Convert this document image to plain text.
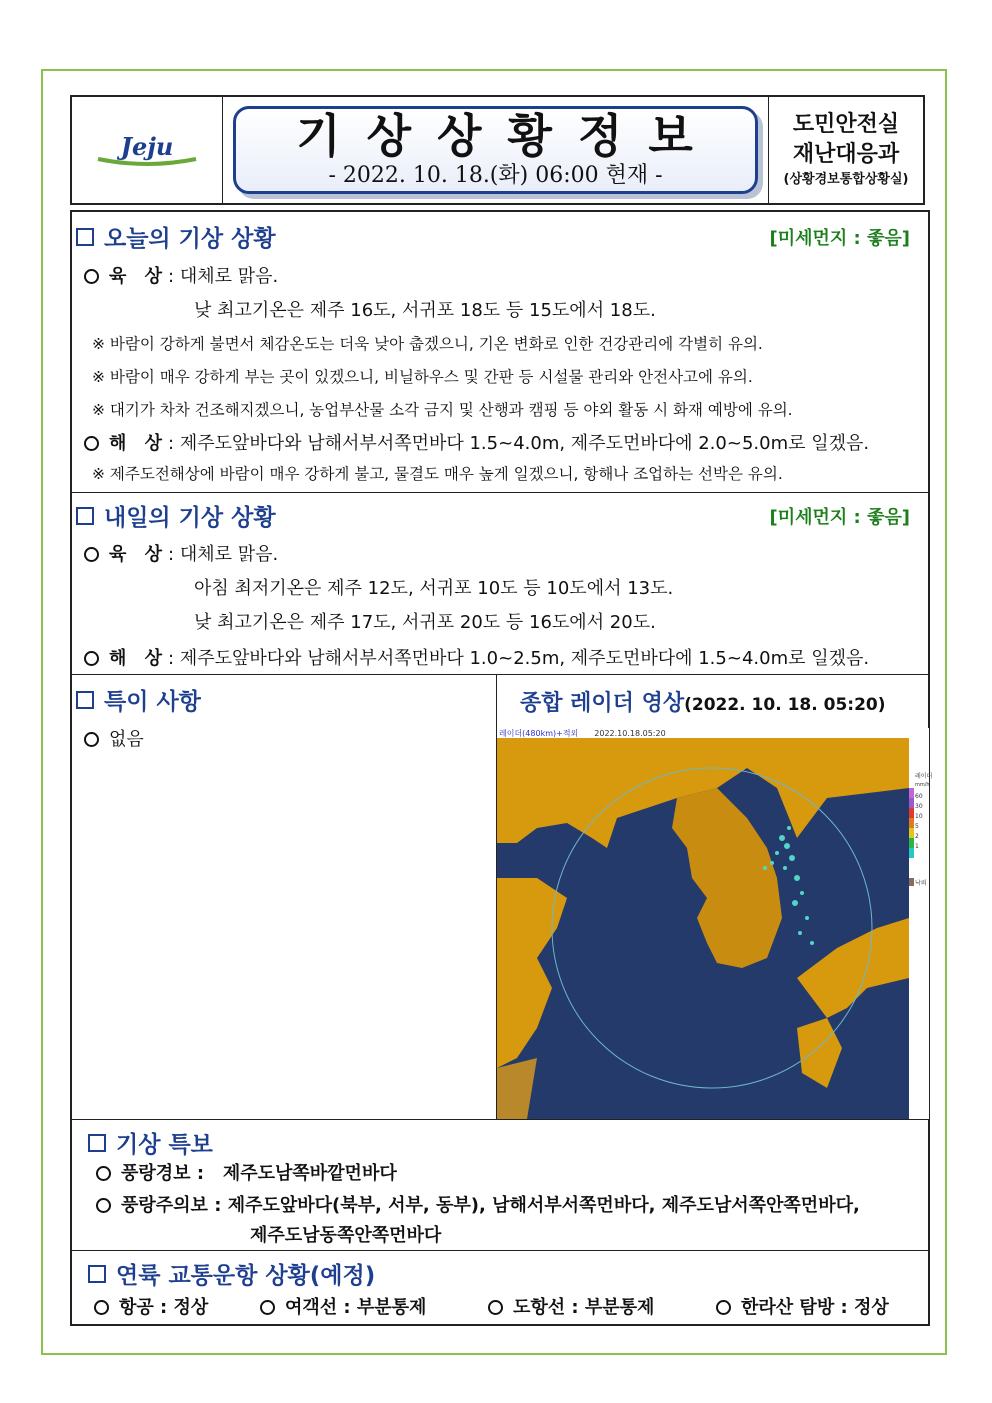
Jeju	기상상황정보
- 2022. 10. 18.(화) 06:00 현재 -
도민안전실
재난대응과
(상황경보통합상황실)
오늘의 기상 상황	[미세먼지 : 좋음]
육 상: 대체로 맑음.
낮 최고기온은 제주 16도, 서귀포 18도 등 15도에서 18도.
※ 바람이 강하게 불면서 체감온도는 더욱 낮아 춥겠으니, 기온 변화로 인한 건강관리에 각별히 유의.
※ 바람이 매우 강하게 부는 곳이 있겠으니, 비닐하우스 및 간판 등 시설물 관리와 안전사고에 유의.
※ 대기가 차차 건조해지겠으니, 농업부산물 소각 금지 및 산행과 캠핑 등 야외 활동 시 화재 예방에 유의.
해 상: 제주도앞바다와 남해서부서쪽먼바다 1.5~4.0m, 제주도먼바다에 2.0~5.0m로 일겠음.
※ 제주도전해상에 바람이 매우 강하게 불고, 물결도 매우 높게 일겠으니, 항해나 조업하는 선박은 유의.
내일의 기상 상황	[미세먼지 : 좋음]
육 상: 대체로 맑음.
아침 최저기온은 제주 12도, 서귀포 10도 등 10도에서 13도.
낮 최고기온은 제주 17도, 서귀포 20도 등 16도에서 20도.
해 상: 제주도앞바다와 남해서부서쪽먼바다 1.0~2.5m, 제주도먼바다에 1.5~4.0m로 일겠음.
특이 사항
없음
종합 레이더 영상(2022. 10. 18. 05:20)
레이더
mm/h
60
30
10
5
2
1
낙뢰
레이더(480km)+적외 2022.10.18.05:20
기상 특보
풍랑경보 : 제주도남쪽바깥먼바다
풍랑주의보 : 제주도앞바다(북부, 서부, 동부), 남해서부서쪽먼바다, 제주도남서쪽안쪽먼바다,
제주도남동쪽안쪽먼바다
연륙 교통운항 상황(예정)
항공 : 정상	여객선 : 부분통제	도항선 : 부분통제	한라산 탐방 : 정상
